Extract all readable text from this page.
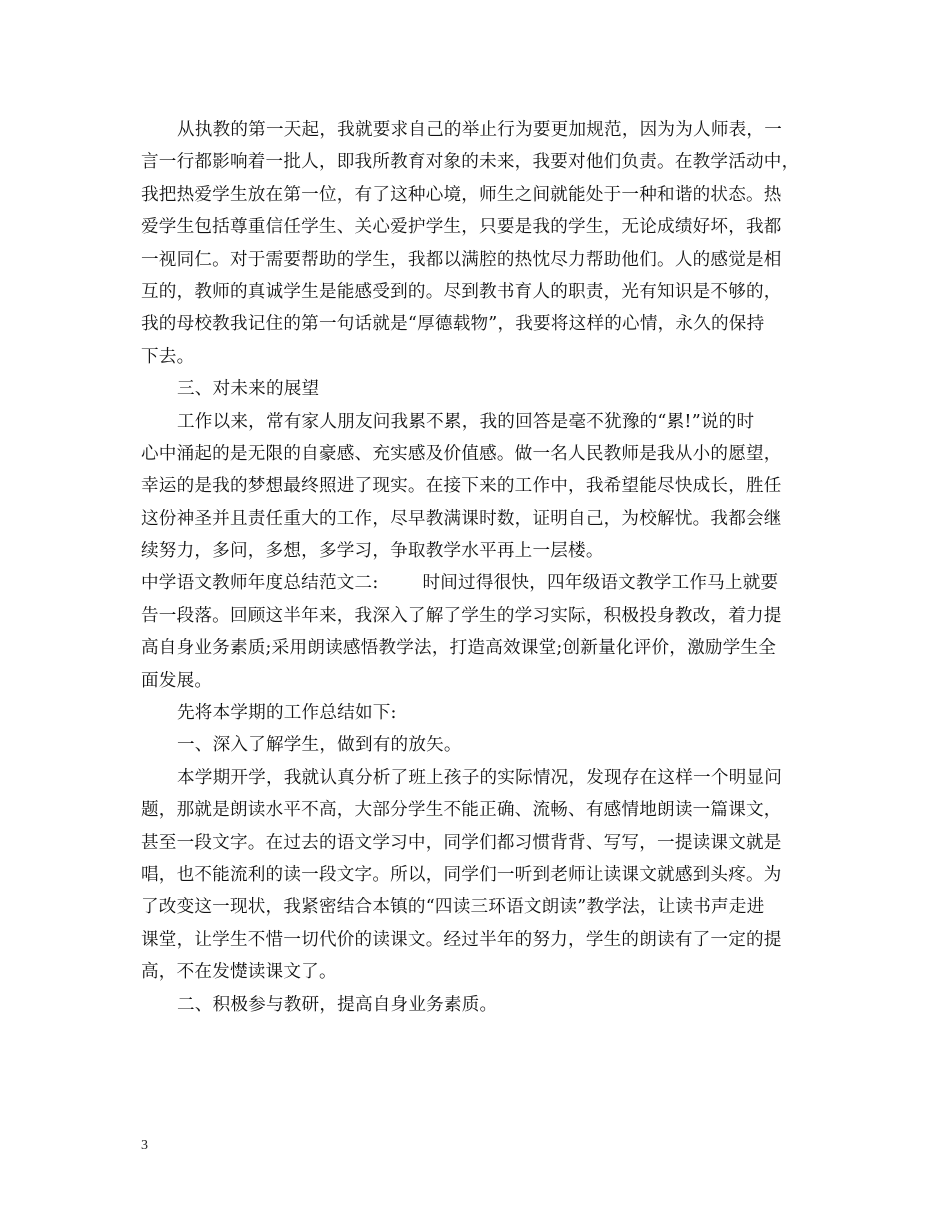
从执教的第一天起，我就要求自己的举止行为要更加规范，因为为人师表，一
言一行都影响着一批人，即我所教育对象的未来，我要对他们负责。在教学活动中，
我把热爱学生放在第一位，有了这种心境，师生之间就能处于一种和谐的状态。热
爱学生包括尊重信任学生、关心爱护学生，只要是我的学生，无论成绩好坏，我都
一视同仁。对于需要帮助的学生，我都以满腔的热忱尽力帮助他们。人的感觉是相
互的，教师的真诚学生是能感受到的。尽到教书育人的职责，光有知识是不够的，
我的母校教我记住的第一句话就是“厚德载物”，我要将这样的心情，永久的保持
下去。
三、对未来的展望
工作以来，常有家人朋友问我累不累，我的回答是毫不犹豫的“累!”说的时
心中涌起的是无限的自豪感、充实感及价值感。做一名人民教师是我从小的愿望，
幸运的是我的梦想最终照进了现实。在接下来的工作中，我希望能尽快成长，胜任
这份神圣并且责任重大的工作，尽早教满课时数，证明自己，为校解忧。我都会继
续努力，多问，多想，多学习，争取教学水平再上一层楼。
中学语文教师年度总结范文二:	时间过得很快，四年级语文教学工作马上就要
告一段落。回顾这半年来，我深入了解了学生的学习实际，积极投身教改，着力提
高自身业务素质;采用朗读感悟教学法，打造高效课堂;创新量化评价，激励学生全
面发展。
先将本学期的工作总结如下:
一、深入了解学生，做到有的放矢。
本学期开学，我就认真分析了班上孩子的实际情况，发现存在这样一个明显问
题，那就是朗读水平不高，大部分学生不能正确、流畅、有感情地朗读一篇课文，
甚至一段文字。在过去的语文学习中，同学们都习惯背背、写写，一提读课文就是
唱，也不能流利的读一段文字。所以，同学们一听到老师让读课文就感到头疼。为
了改变这一现状，我紧密结合本镇的“四读三环语文朗读”教学法，让读书声走进
课堂，让学生不惜一切代价的读课文。经过半年的努力，学生的朗读有了一定的提
高，不在发憷读课文了。
二、积极参与教研，提高自身业务素质。
3
